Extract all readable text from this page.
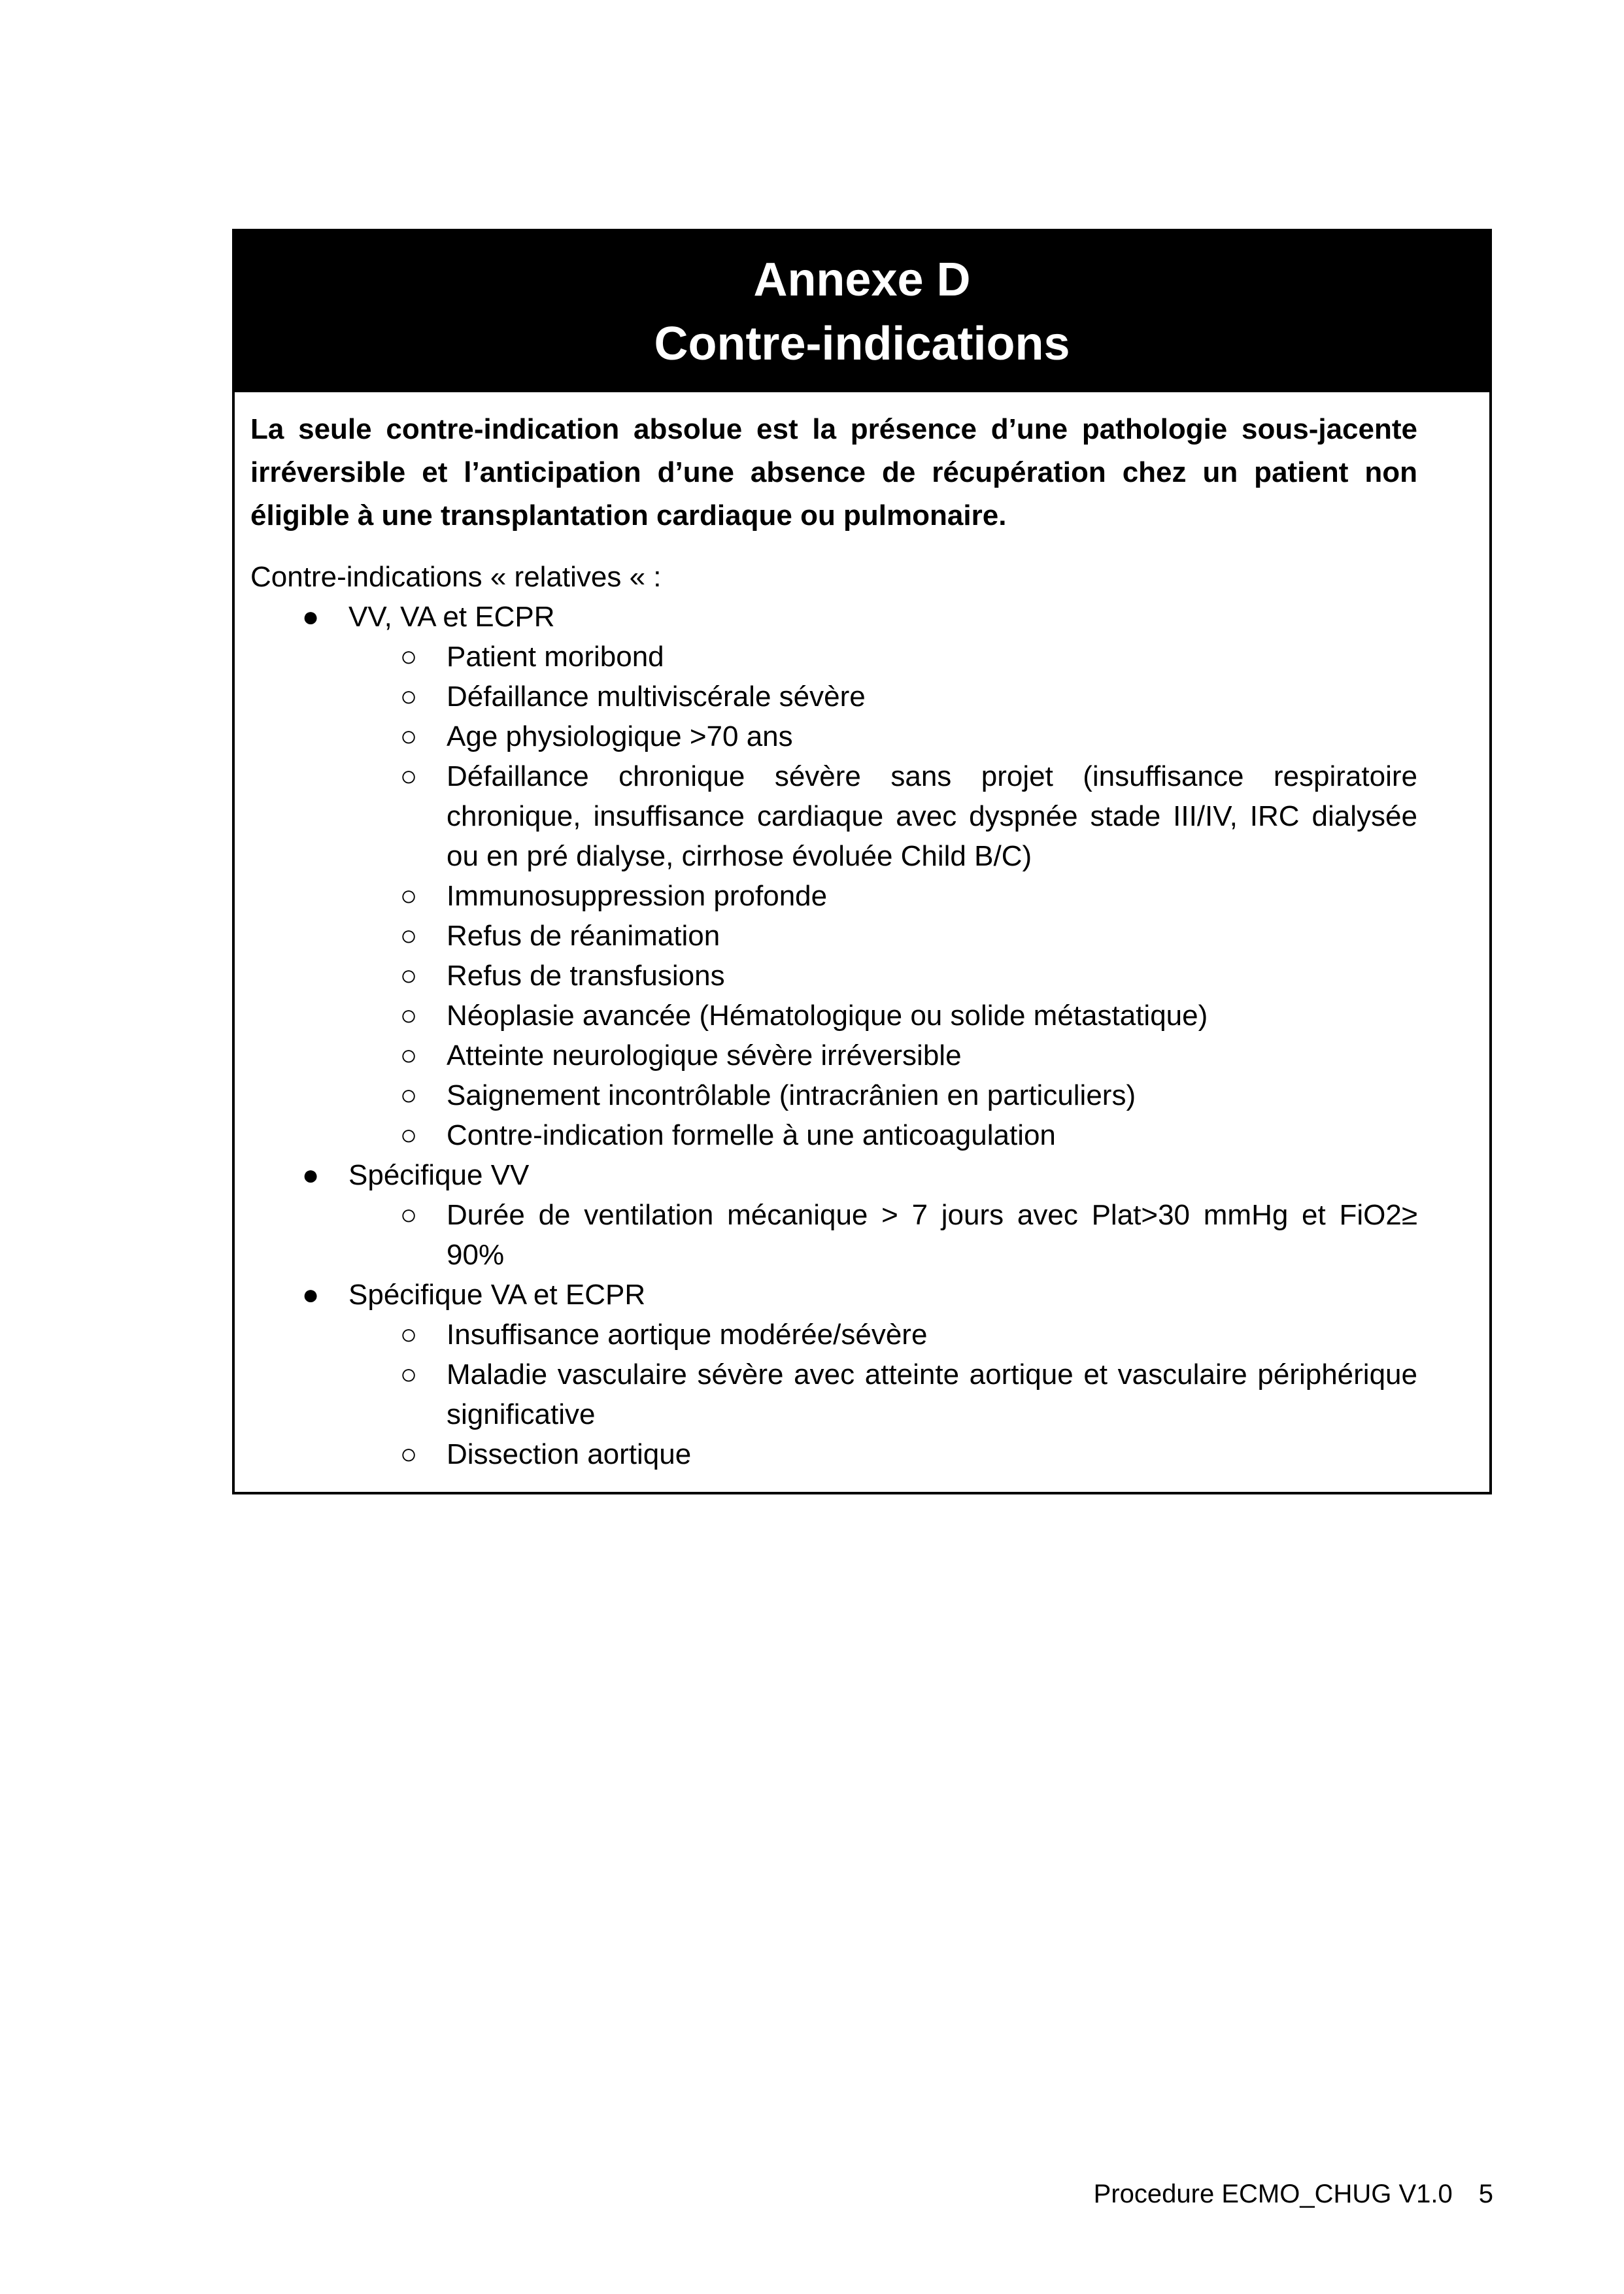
Annexe D
Contre-indications

La seule contre-indication absolue est la présence d’une pathologie sous-jacente irréversible et l’anticipation d’une absence de récupération chez un patient non éligible à une transplantation cardiaque ou pulmonaire.

Contre-indications « relatives « :

● VV, VA et ECPR
○ Patient moribond
○ Défaillance multiviscérale sévère
○ Age physiologique >70 ans
○ Défaillance chronique sévère sans projet (insuffisance respiratoire chronique, insuffisance cardiaque avec dyspnée stade III/IV, IRC dialysée ou en pré dialyse, cirrhose évoluée Child B/C)
○ Immunosuppression profonde
○ Refus de réanimation
○ Refus de transfusions
○ Néoplasie avancée (Hématologique ou solide métastatique)
○ Atteinte neurologique sévère irréversible
○ Saignement incontrôlable (intracrânien en particuliers)
○ Contre-indication formelle à une anticoagulation
● Spécifique VV
○ Durée de ventilation mécanique > 7 jours avec Plat>30 mmHg et FiO2≥ 90%
● Spécifique VA et ECPR
○ Insuffisance aortique modérée/sévère
○ Maladie vasculaire sévère avec atteinte aortique et vasculaire périphérique significative
○ Dissection aortique
Procedure ECMO_CHUG V1.0 5
